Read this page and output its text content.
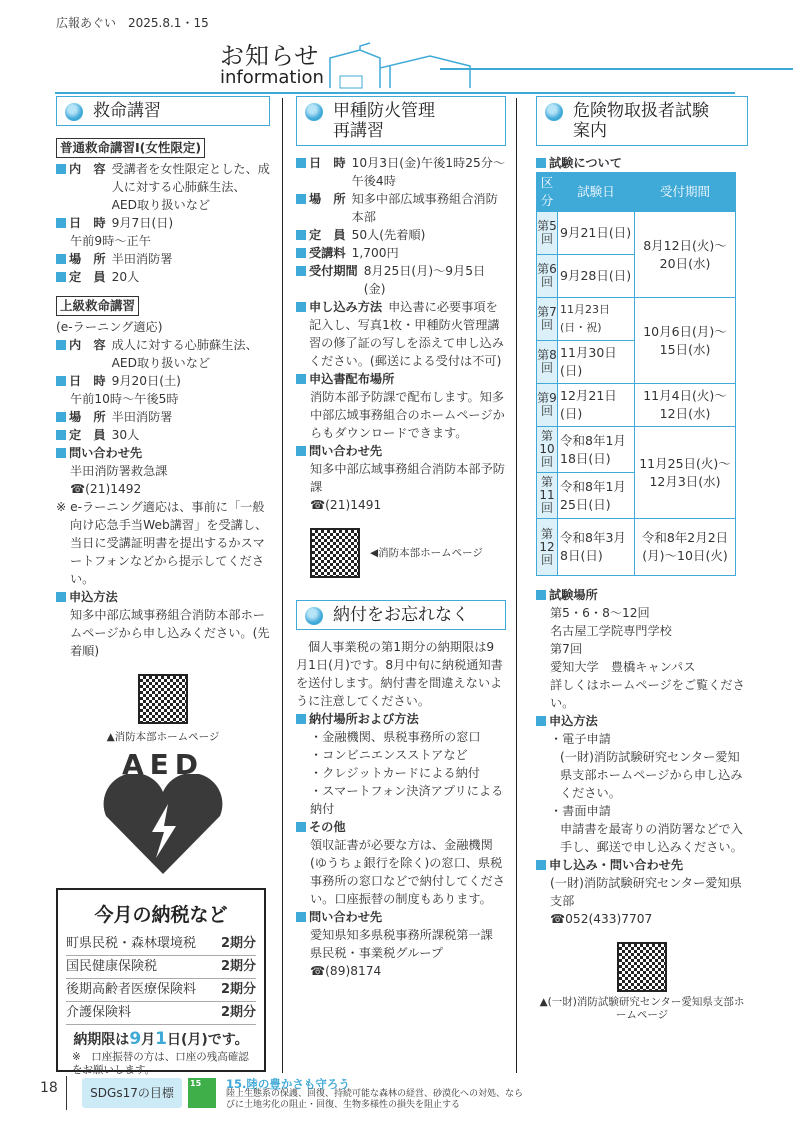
広報あぐい　2025.8.1・15
お知らせ
information
救命講習
普通救命講習Ⅰ(女性限定)
内　容 受講者を女性限定とした、成人に対する心肺蘇生法、AED取り扱いなど
日　時 9月7日(日)
午前9時～正午
場　所 半田消防署
定　員 20人
上級救命講習
(e-ラーニング適応)
内　容 成人に対する心肺蘇生法、AED取り扱いなど
日　時 9月20日(土)
午前10時～午後5時
場　所 半田消防署
定　員 30人
問い合わせ先
半田消防署救急課
☎(21)1492
※ e-ラーニング適応は、事前に「一般向け応急手当Web講習」を受講し、当日に受講証明書を提出するかスマートフォンなどから提示してください。
申込方法
知多中部広域事務組合消防本部ホームページから申し込みください。(先着順)
▲消防本部ホームページ
AED
今月の納税など
町県民税・森林環境税 2期分
国民健康保険税	2期分
後期高齢者医療保険料 2期分
介護保険料	2期分
納期限は9月1日(月)です。
※　口座振替の方は、口座の残高確認をお願いします。
甲種防火管理
再講習
日　時 10月3日(金)午後1時25分～午後4時
場　所 知多中部広域事務組合消防本部
定　員 50人(先着順)
受講料 1,700円
受付期間 8月25日(月)～9月5日(金)
申し込み方法 申込書に必要事項を記入し、写真1枚・甲種防火管理講習の修了証の写しを添えて申し込みください。(郵送による受付は不可)
申込書配布場所
消防本部予防課で配布します。知多中部広域事務組合のホームページからもダウンロードできます。
問い合わせ先
知多中部広域事務組合消防本部予防課
☎(21)1491
◀消防本部ホームページ
納付をお忘れなく
個人事業税の第1期分の納期限は9月1日(月)です。8月中旬に納税通知書を送付します。納付書を間違えないように注意してください。
納付場所および方法
・金融機関、県税事務所の窓口
・コンビニエンスストアなど
・クレジットカードによる納付
・スマートフォン決済アプリによる納付
その他
領収証書が必要な方は、金融機関(ゆうちょ銀行を除く)の窓口、県税事務所の窓口などで納付してください。口座振替の制度もあります。
問い合わせ先
愛知県知多県税事務所課税第一課 県民税・事業税グループ
☎(89)8174
危険物取扱者試験
案内
試験について
区分	試験日	受付期間
第5回	9月21日(日)	8月12日(火)～20日(水)
第6回	9月28日(日)	
第7回	11月23日(日・祝)	10月6日(月)～15日(水)
第8回	11月30日(日)	
第9回	12月21日(日)	11月4日(火)～12日(水)
第10回	令和8年1月18日(日)	11月25日(火)～12月3日(水)
第11回	令和8年1月25日(日)	
第12回	令和8年3月 8日(日)	令和8年2月2日(月)～10日(火)
試験場所
第5・6・8～12回
名古屋工学院専門学校
第7回
愛知大学　豊橋キャンパス
詳しくはホームページをご覧ください。
申込方法
・電子申請
(一財)消防試験研究センター愛知県支部ホームページから申し込みください。
・書面申請
申請書を最寄りの消防署などで入手し、郵送で申し込みください。
申し込み・問い合わせ先
(一財)消防試験研究センター愛知県支部
☎052(433)7707
▲(一財)消防試験研究センター愛知県支部ホームページ
18	SDGs17の目標
15	15.陸の豊かさも守ろう
陸上生態系の保護、回復、持続可能な森林の経営、砂漠化への対処、ならびに土地劣化の阻止・回復、生物多様性の損失を阻止する
